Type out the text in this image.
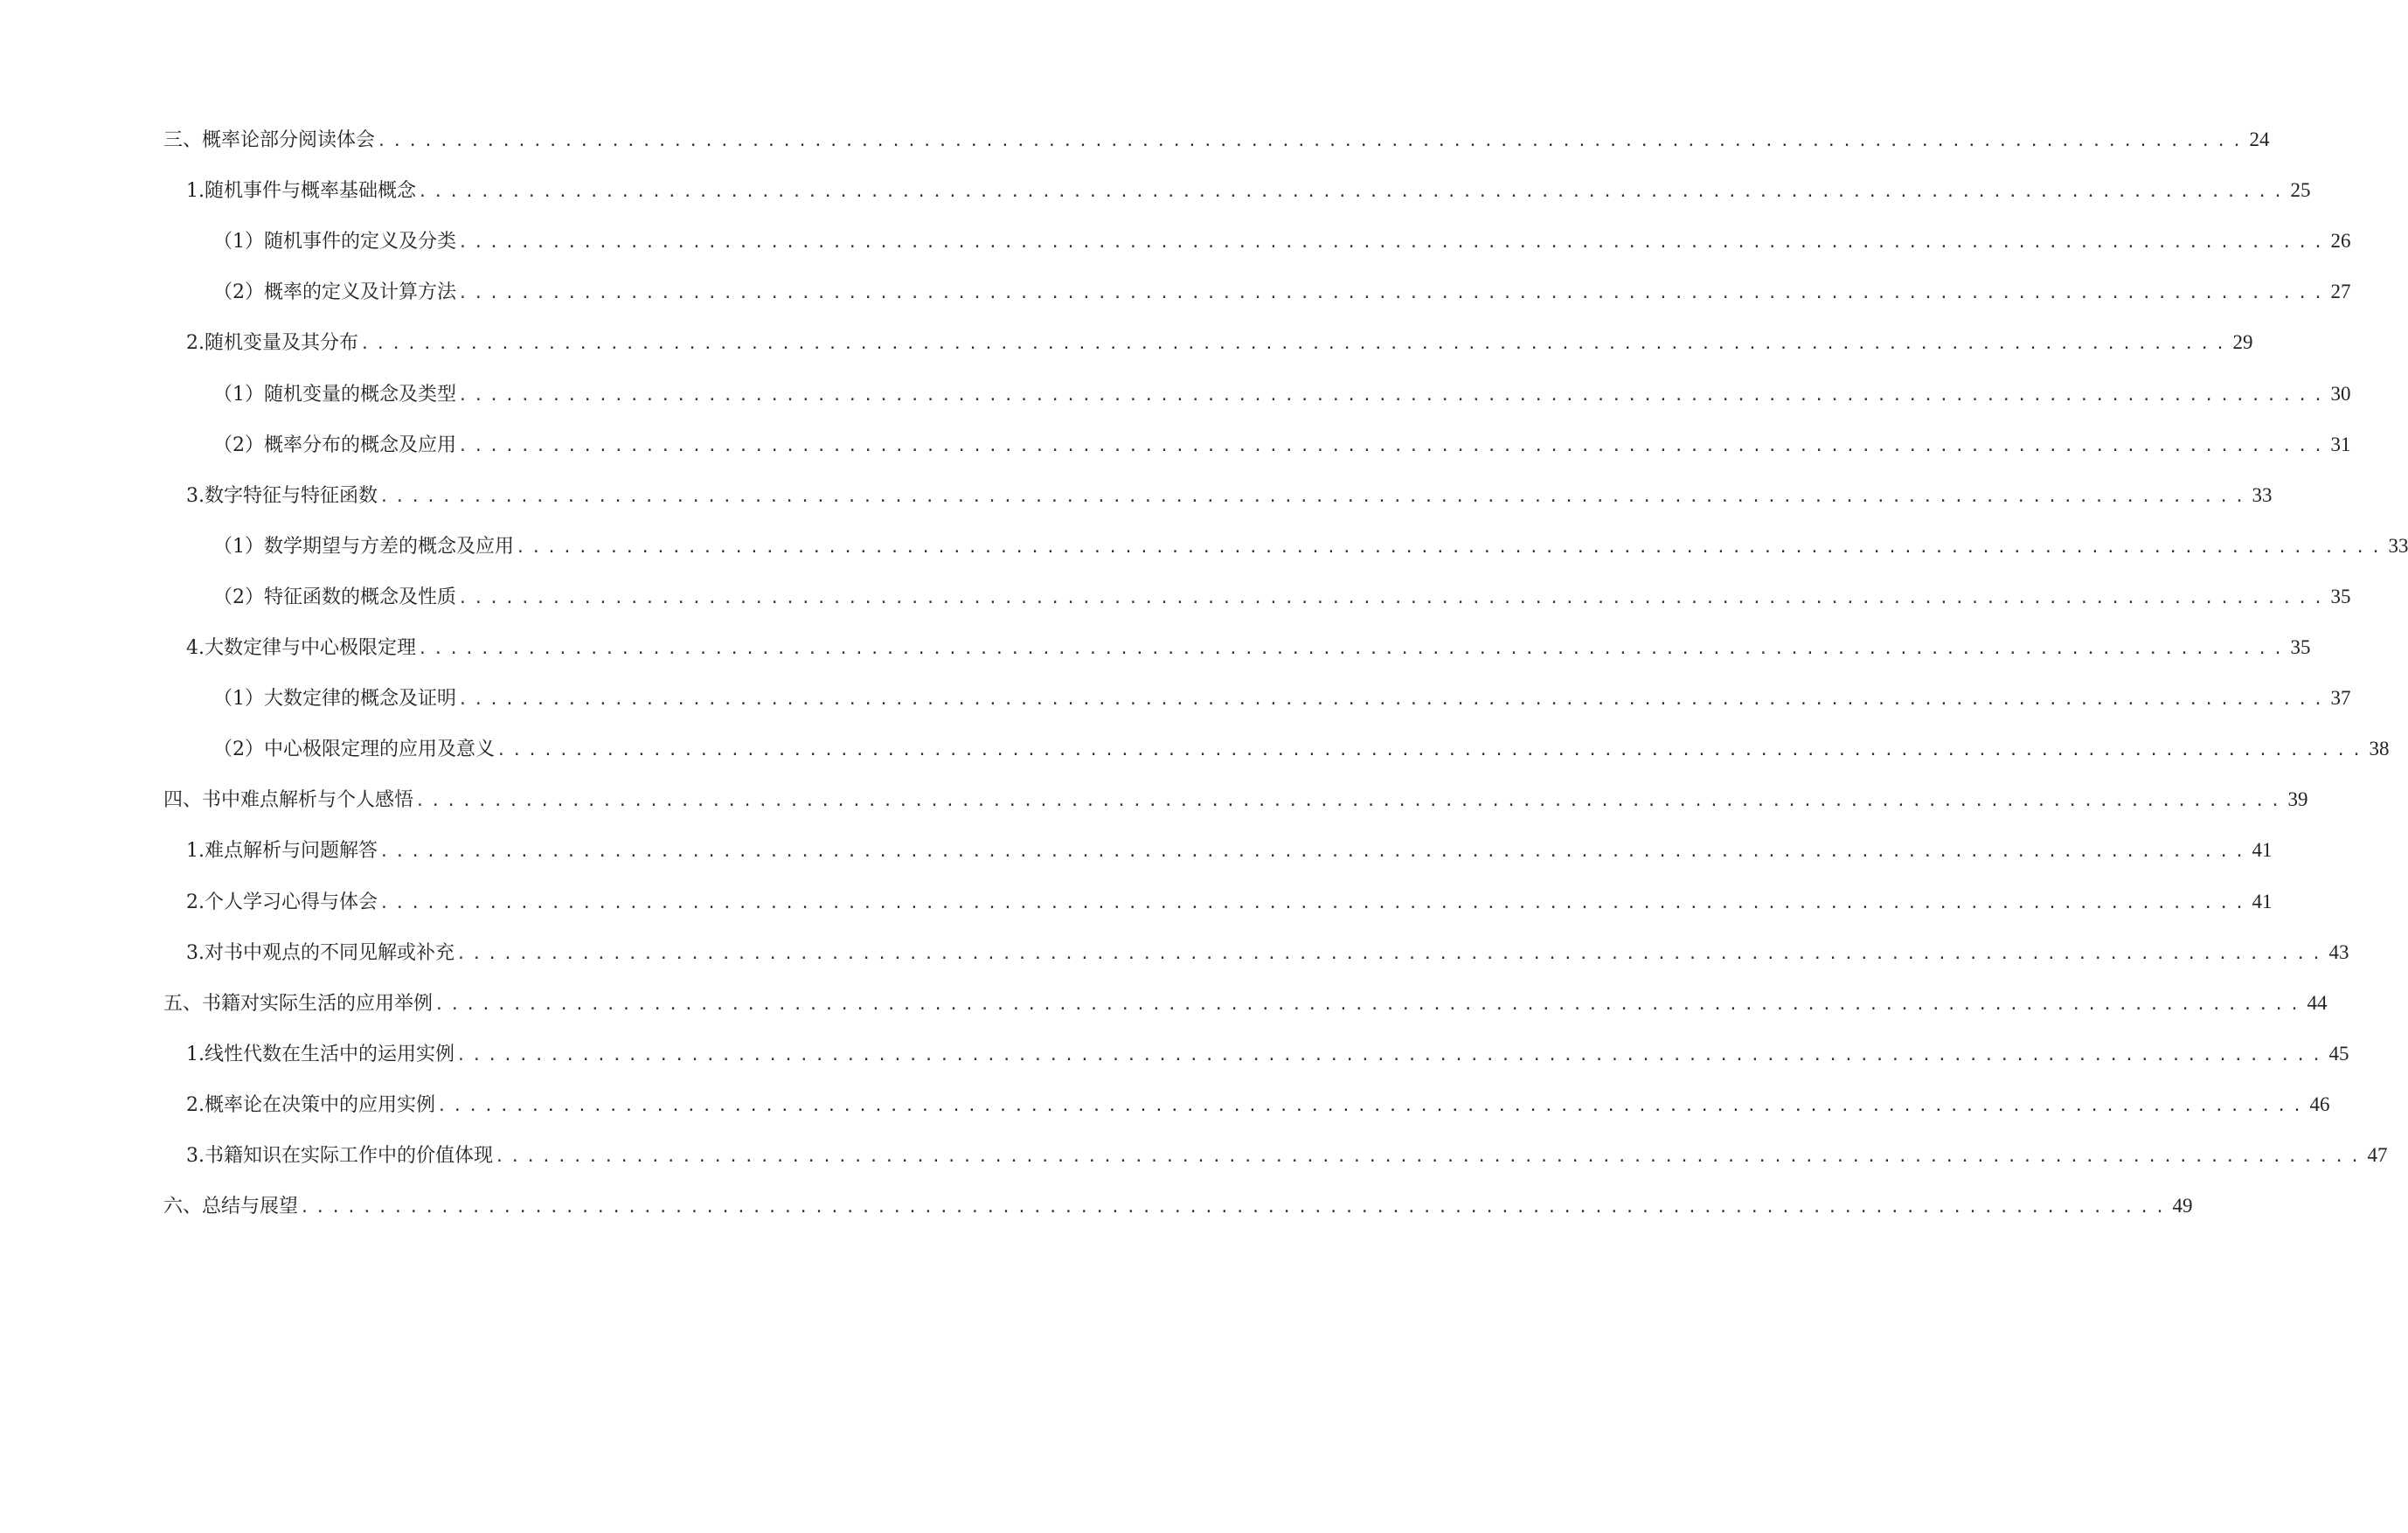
三、概率论部分阅读体会 ........................................................................................................................ 24
1. 随机事件与概率基础概念 ........................................................................................................................ 25
（1）随机事件的定义及分类 ........................................................................................................................ 26
（2）概率的定义及计算方法 ........................................................................................................................ 27
2. 随机变量及其分布 ........................................................................................................................ 29
（1）随机变量的概念及类型 ........................................................................................................................ 30
（2）概率分布的概念及应用 ........................................................................................................................ 31
3. 数字特征与特征函数 ........................................................................................................................ 33
（1）数学期望与方差的概念及应用 ........................................................................................................................ 33
（2）特征函数的概念及性质 ........................................................................................................................ 35
4. 大数定律与中心极限定理 ........................................................................................................................ 35
（1）大数定律的概念及证明 ........................................................................................................................ 37
（2）中心极限定理的应用及意义 ........................................................................................................................ 38
四、书中难点解析与个人感悟 ........................................................................................................................ 39
1. 难点解析与问题解答 ........................................................................................................................ 41
2. 个人学习心得与体会 ........................................................................................................................ 41
3. 对书中观点的不同见解或补充 ........................................................................................................................ 43
五、书籍对实际生活的应用举例 ........................................................................................................................ 44
1. 线性代数在生活中的运用实例 ........................................................................................................................ 45
2. 概率论在决策中的应用实例 ........................................................................................................................ 46
3. 书籍知识在实际工作中的价值体现 ........................................................................................................................ 47
六、总结与展望 ........................................................................................................................ 49
